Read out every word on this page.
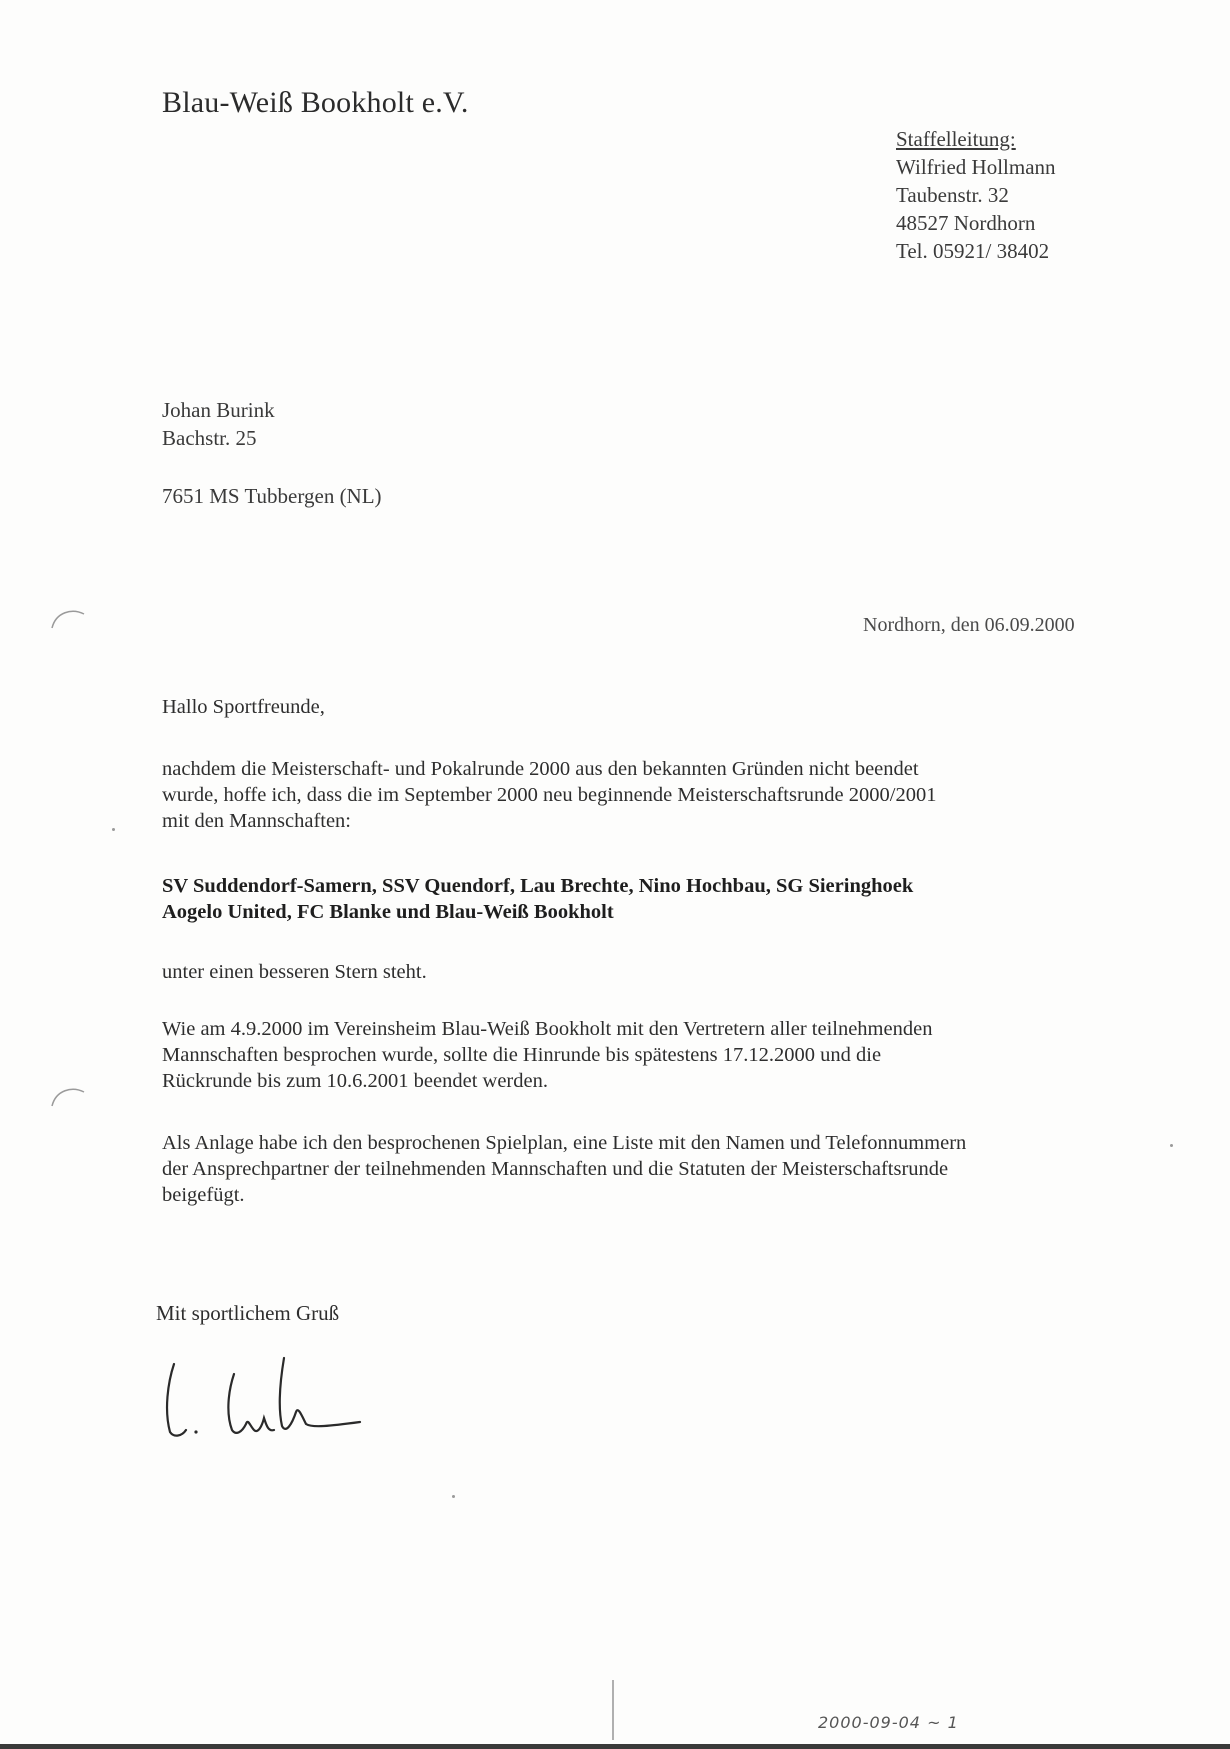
Blau-Weiß Bookholt e.V.
Staffelleitung:
Wilfried Hollmann
Taubenstr. 32
48527 Nordhorn
Tel. 05921/ 38402
Johan Burink
Bachstr. 25
7651 MS Tubbergen (NL)
Nordhorn, den 06.09.2000
Hallo Sportfreunde,
nachdem die Meisterschaft- und Pokalrunde 2000 aus den bekannten Gründen nicht beendet
wurde, hoffe ich, dass die im September 2000 neu beginnende Meisterschaftsrunde 2000/2001
mit den Mannschaften:
SV Suddendorf-Samern, SSV Quendorf, Lau Brechte, Nino Hochbau, SG Sieringhoek
Aogelo United, FC Blanke und Blau-Weiß Bookholt
unter einen besseren Stern steht.
Wie am 4.9.2000 im Vereinsheim Blau-Weiß Bookholt mit den Vertretern aller teilnehmenden
Mannschaften besprochen wurde, sollte die Hinrunde bis spätestens 17.12.2000 und die
Rückrunde bis zum 10.6.2001 beendet werden.
Als Anlage habe ich den besprochenen Spielplan, eine Liste mit den Namen und Telefonnummern
der Ansprechpartner der teilnehmenden Mannschaften und die Statuten der Meisterschaftsrunde
beigefügt.
Mit sportlichem Gruß
2000-09-04 ~ 1
